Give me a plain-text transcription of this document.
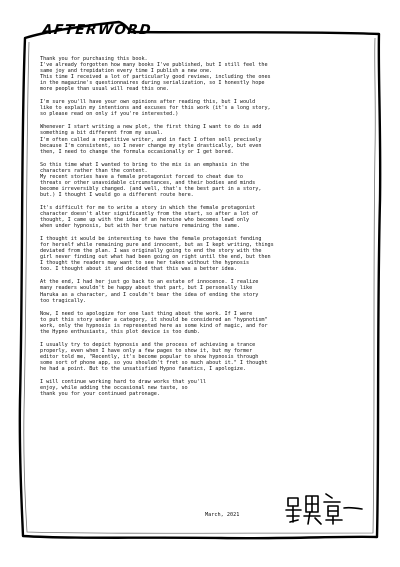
AFTERWORD
Thank you for purchasing this book.
I've already forgotten how many books I've published, but I still feel the
same joy and trepidation every time I publish a new one.
This time I received a lot of particularly good reviews, including the ones
in the magazine's questionnaires during serialization, so I honestly hope
more people than usual will read this one.
I'm sure you'll have your own opinions after reading this, but I would
like to explain my intentions and excuses for this work (it's a long story,
so please read on only if you're interested.)
Whenever I start writing a new plot, the first thing I want to do is add
something a bit different from my usual.
I'm often called a repetitive writer, and in fact I often sell precisely
because I'm consistent, so I never change my style drastically, but even
then, I need to change the formula occasionally or I get bored.
So this time what I wanted to bring to the mix is an emphasis in the
characters rather than the content.
My recent stories have a female protagonist forced to cheat due to
threats or other unavoidable circumstances, and their bodies and minds
become irreversibly changed. (and well, that's the best part in a story,
but.) I thought I would go a different route here.
It's difficult for me to write a story in which the female protagonist
character doesn't alter significantly from the start, so after a lot of
thought, I came up with the idea of an heroine who becomes lewd only
when under hypnosis, but with her true nature remaining the same.
I thought it would be interesting to have the female protagonist fending
for herself while remaining pure and innocent, but as I kept writing, things
deviated from the plan. I was originally going to end the story with the
girl never finding out what had been going on right until the end, but then
I thought the readers may want to see her taken without the hypnosis
too. I thought about it and decided that this was a better idea.
At the end, I had her just go back to an estate of innocence. I realize
many readers wouldn't be happy about that part, but I personally like
Haruka as a character, and I couldn't bear the idea of ending the story
too tragically.
Now, I need to apologize for one last thing about the work. If I were
to put this story under a category, it should be considered an "hypnotism"
work, only the hypnosis is represented here as some kind of magic, and for
the Hypno enthusiasts, this plot device is too dumb.
I usually try to depict hypnosis and the process of achieving a trance
properly, even when I have only a few pages to show it, but my former
editor told me, "Recently, it's become popular to show hypnosis through
some sort of phone app, so you shouldn't fret so much about it." I thought
he had a point. But to the unsatisfied Hypno fanatics, I apologize.
I will continue working hard to draw works that you'll
enjoy, while adding the occasional new taste, so
thank you for your continued patronage.
March, 2021
